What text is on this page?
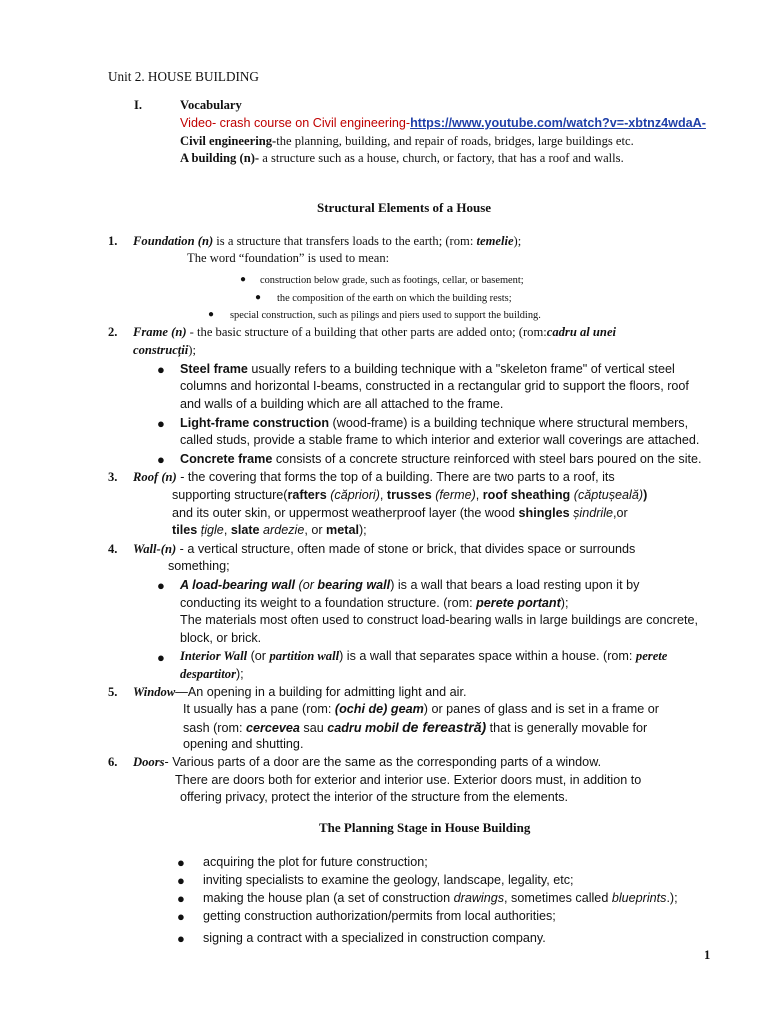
Unit 2. HOUSE BUILDING
I.	Vocabulary
Video- crash course on Civil engineering-https://www.youtube.com/watch?v=-xbtnz4wdaA-
Civil engineering-the planning, building, and repair of roads, bridges, large buildings etc.
A building (n)- a structure such as a house, church, or factory, that has a roof and walls.
Structural Elements of a House
1. Foundation (n) is a structure that transfers loads to the earth; (rom: temelie);
The word “foundation” is used to mean:
● construction below grade, such as footings, cellar, or basement;
● the composition of the earth on which the building rests;
● special construction, such as pilings and piers used to support the building.
2. Frame (n) - the basic structure of a building that other parts are added onto; (rom:cadru al unei
construcții);
● Steel frame usually refers to a building technique with a "skeleton frame" of vertical steel
columns and horizontal I-beams, constructed in a rectangular grid to support the floors, roof
and walls of a building which are all attached to the frame.
● Light-frame construction (wood-frame) is a building technique where structural members,
called studs, provide a stable frame to which interior and exterior wall coverings are attached.
● Concrete frame consists of a concrete structure reinforced with steel bars poured on the site.
3. Roof (n) - the covering that forms the top of a building. There are two parts to a roof, its
supporting structure(rafters (căpriori), trusses (ferme), roof sheathing (căptușeală))
and its outer skin, or uppermost weatherproof layer (the wood shingles șindrile,or
tiles țigle, slate ardezie, or metal);
4. Wall-(n) - a vertical structure, often made of stone or brick, that divides space or surrounds
something;
● A load-bearing wall (or bearing wall) is a wall that bears a load resting upon it by
conducting its weight to a foundation structure. (rom: perete portant);
The materials most often used to construct load-bearing walls in large buildings are concrete,
block, or brick.
● Interior Wall (or partition wall) is a wall that separates space within a house. (rom: perete
despartitor);
5. Window—An opening in a building for admitting light and air.
It usually has a pane (rom: (ochi de) geam) or panes of glass and is set in a frame or
sash (rom: cercevea sau cadru mobil de fereastră) that is generally movable for
opening and shutting.
6. Doors- Various parts of a door are the same as the corresponding parts of a window.
There are doors both for exterior and interior use. Exterior doors must, in addition to
offering privacy, protect the interior of the structure from the elements.
The Planning Stage in House Building
● acquiring the plot for future construction;
● inviting specialists to examine the geology, landscape, legality, etc;
● making the house plan (a set of construction drawings, sometimes called blueprints.);
● getting construction authorization/permits from local authorities;
● signing a contract with a specialized in construction company.
1
